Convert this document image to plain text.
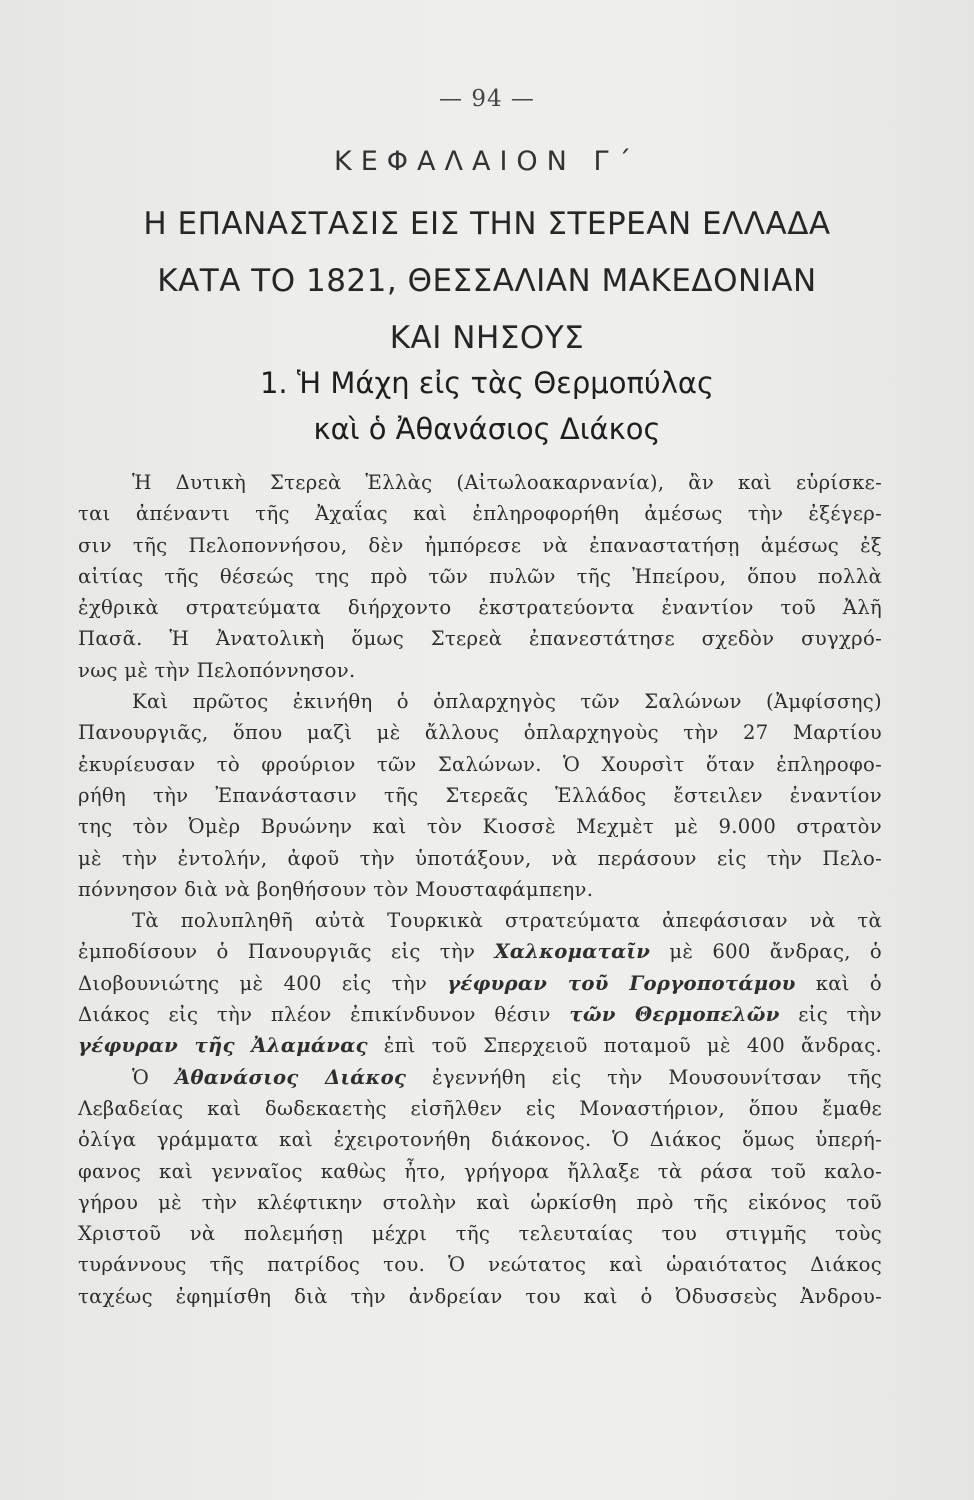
— 94 —
ΚΕΦΑΛΑΙΟΝ Γ΄
Η ΕΠΑΝΑΣΤΑΣΙΣ ΕΙΣ ΤΗΝ ΣΤΕΡΕΑΝ ΕΛΛΑΔΑ
ΚΑΤΑ ΤΟ 1821, ΘΕΣΣΑΛΙΑΝ ΜΑΚΕΔΟΝΙΑΝ
ΚΑΙ ΝΗΣΟΥΣ
1. Ἡ Μάχη εἰς τὰς Θερμοπύλας
καὶ ὁ Ἀθανάσιος Διάκος
Ἡ Δυτικὴ Στερεὰ Ἑλλὰς (Αἰτωλοακαρνανία), ἂν καὶ εὑρίσκε-
ται ἀπέναντι τῆς Ἀχαΐας καὶ ἐπληροφορήθη ἀμέσως τὴν ἐξέγερ-
σιν τῆς Πελοποννήσου, δὲν ἠμπόρεσε νὰ ἐπαναστατήσῃ ἀμέσως ἐξ
αἰτίας τῆς θέσεώς της πρὸ τῶν πυλῶν τῆς Ἠπείρου, ὅπου πολλὰ
ἐχθρικὰ στρατεύματα διήρχοντο ἐκστρατεύοντα ἐναντίον τοῦ Ἀλῆ
Πασᾶ. Ἡ Ἀνατολικὴ ὅμως Στερεὰ ἐπανεστάτησε σχεδὸν συγχρό-
νως μὲ τὴν Πελοπόννησον.
Καὶ πρῶτος ἐκινήθη ὁ ὁπλαρχηγὸς τῶν Σαλώνων (Ἀμφίσσης)
Πανουργιᾶς, ὅπου μαζὶ μὲ ἄλλους ὁπλαρχηγοὺς τὴν 27 Μαρτίου
ἐκυρίευσαν τὸ φρούριον τῶν Σαλώνων. Ὁ Χουρσὶτ ὅταν ἐπληροφο-
ρήθη τὴν Ἐπανάστασιν τῆς Στερεᾶς Ἑλλάδος ἔστειλεν ἐναντίον
της τὸν Ὀμὲρ Βρυώνην καὶ τὸν Κιοσσὲ Μεχμὲτ μὲ 9.000 στρατὸν
μὲ τὴν ἐντολήν, ἀφοῦ τὴν ὑποτάξουν, νὰ περάσουν εἰς τὴν Πελο-
πόννησον διὰ νὰ βοηθήσουν τὸν Μουσταφάμπεην.
Τὰ πολυπληθῆ αὐτὰ Τουρκικὰ στρατεύματα ἀπεφάσισαν νὰ τὰ
ἐμποδίσουν ὁ Πανουργιᾶς εἰς τὴν Χαλκοματαῖν μὲ 600 ἄνδρας, ὁ
Διοβουνιώτης μὲ 400 εἰς τὴν γέφυραν τοῦ Γοργοποτάμου καὶ ὁ
Διάκος εἰς τὴν πλέον ἐπικίνδυνον θέσιν τῶν Θερμοπελῶν εἰς τὴν
γέφυραν τῆς Ἀλαμάνας ἐπὶ τοῦ Σπερχειοῦ ποταμοῦ μὲ 400 ἄνδρας.
Ὁ Ἀθανάσιος Διάκος ἐγεννήθη εἰς τὴν Μουσουνίτσαν τῆς
Λεβαδείας καὶ δωδεκαετὴς εἰσῆλθεν εἰς Μοναστήριον, ὅπου ἔμαθε
ὀλίγα γράμματα καὶ ἐχειροτονήθη διάκονος. Ὁ Διάκος ὅμως ὑπερή-
φανος καὶ γενναῖος καθὼς ἦτο, γρήγορα ἤλλαξε τὰ ράσα τοῦ καλο-
γήρου μὲ τὴν κλέφτικην στολὴν καὶ ὡρκίσθη πρὸ τῆς εἰκόνος τοῦ
Χριστοῦ νὰ πολεμήσῃ μέχρι τῆς τελευταίας του στιγμῆς τοὺς
τυράννους τῆς πατρίδος του. Ὁ νεώτατος καὶ ὡραιότατος Διάκος
ταχέως ἐφημίσθη διὰ τὴν ἀνδρείαν του καὶ ὁ Ὀδυσσεὺς Ἀνδρου-
